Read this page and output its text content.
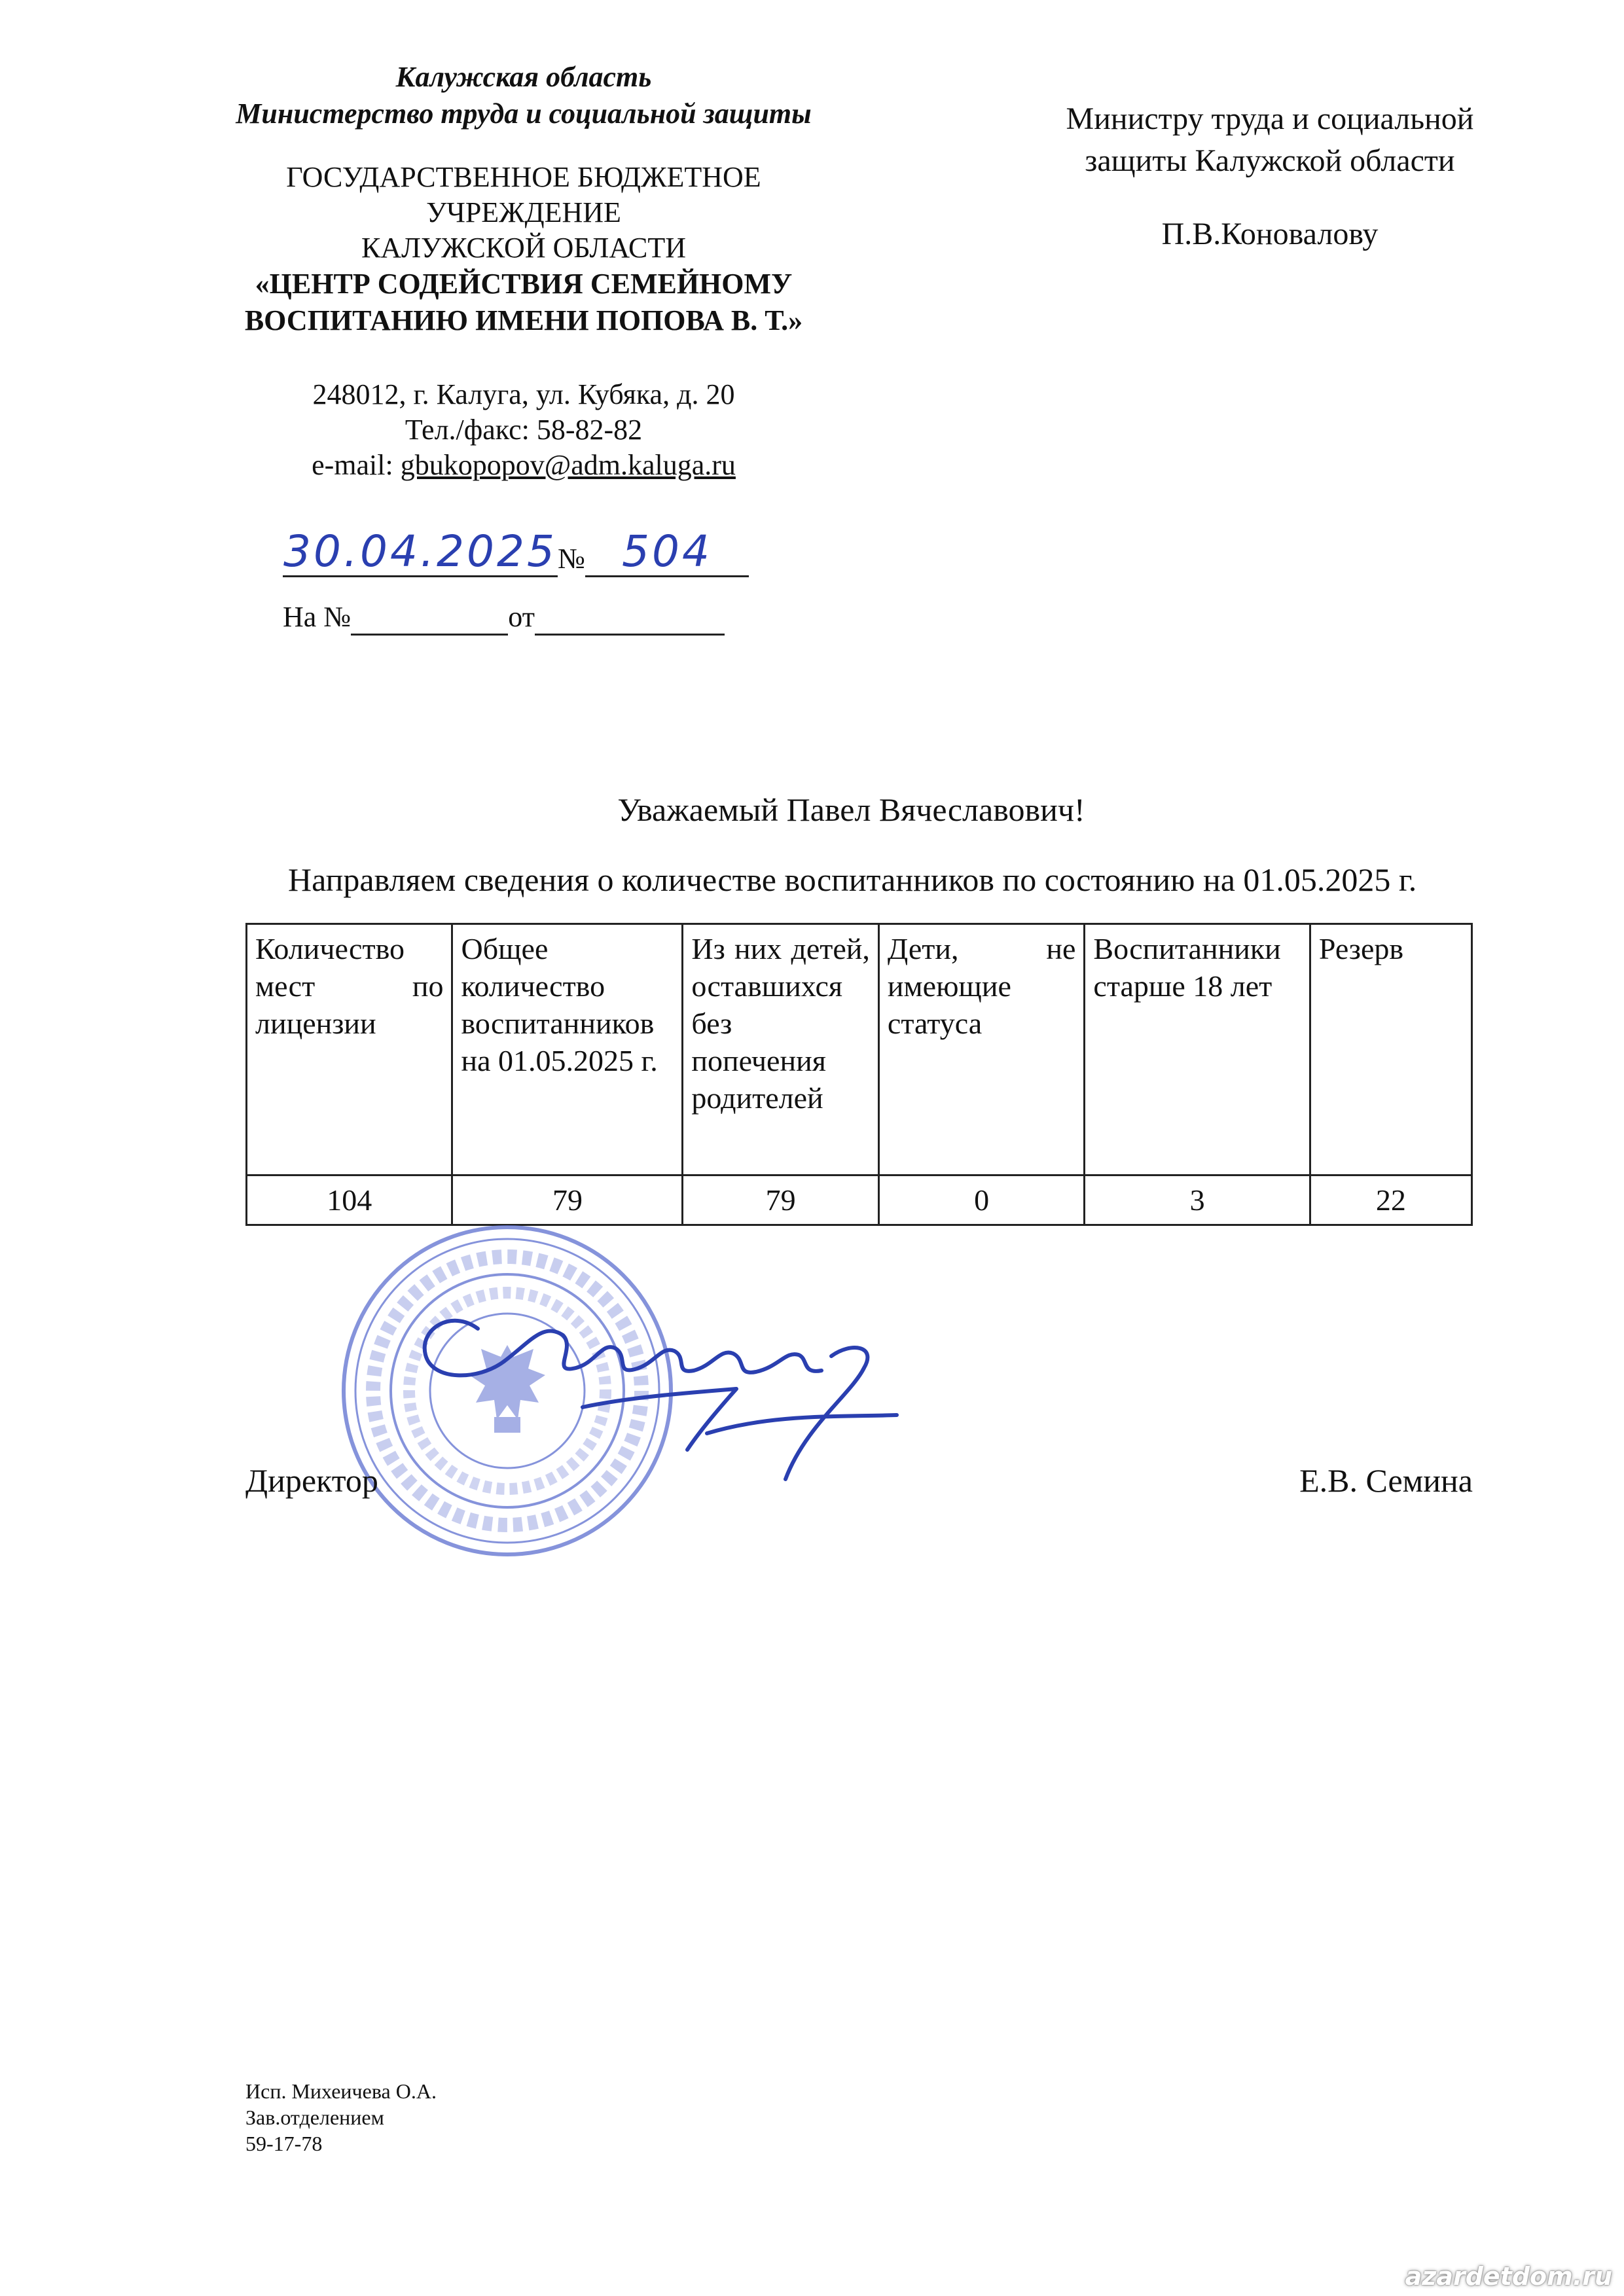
Калужская область
Министерство труда и социальной защиты
ГОСУДАРСТВЕННОЕ БЮДЖЕТНОЕ
УЧРЕЖДЕНИЕ
КАЛУЖСКОЙ ОБЛАСТИ
«ЦЕНТР СОДЕЙСТВИЯ СЕМЕЙНОМУ
ВОСПИТАНИЮ ИМЕНИ ПОПОВА В. Т.»
248012, г. Калуга, ул. Кубяка, д. 20
Тел./факс: 58-82-82
e-mail: gbukopopov@adm.kaluga.ru
30.04.2025№ 504
На №	от
Министру труда и социальной
защиты Калужской области
П.В.Коновалову
Уважаемый Павел Вячеславович!
Направляем сведения о количестве воспитанников по состоянию на 01.05.2025 г.
Количество мест по лицензии	Общее количество воспитанников на 01.05.2025 г.	Из них детей, оставшихся без попечения родителей	Дети, не имеющие статуса	Воспитанники старше 18 лет	Резерв
104	79	79	0	3	22
Директор	Е.В. Семина
Исп. Михеичева О.А.
Зав.отделением
59-17-78
azardetdom.ru
